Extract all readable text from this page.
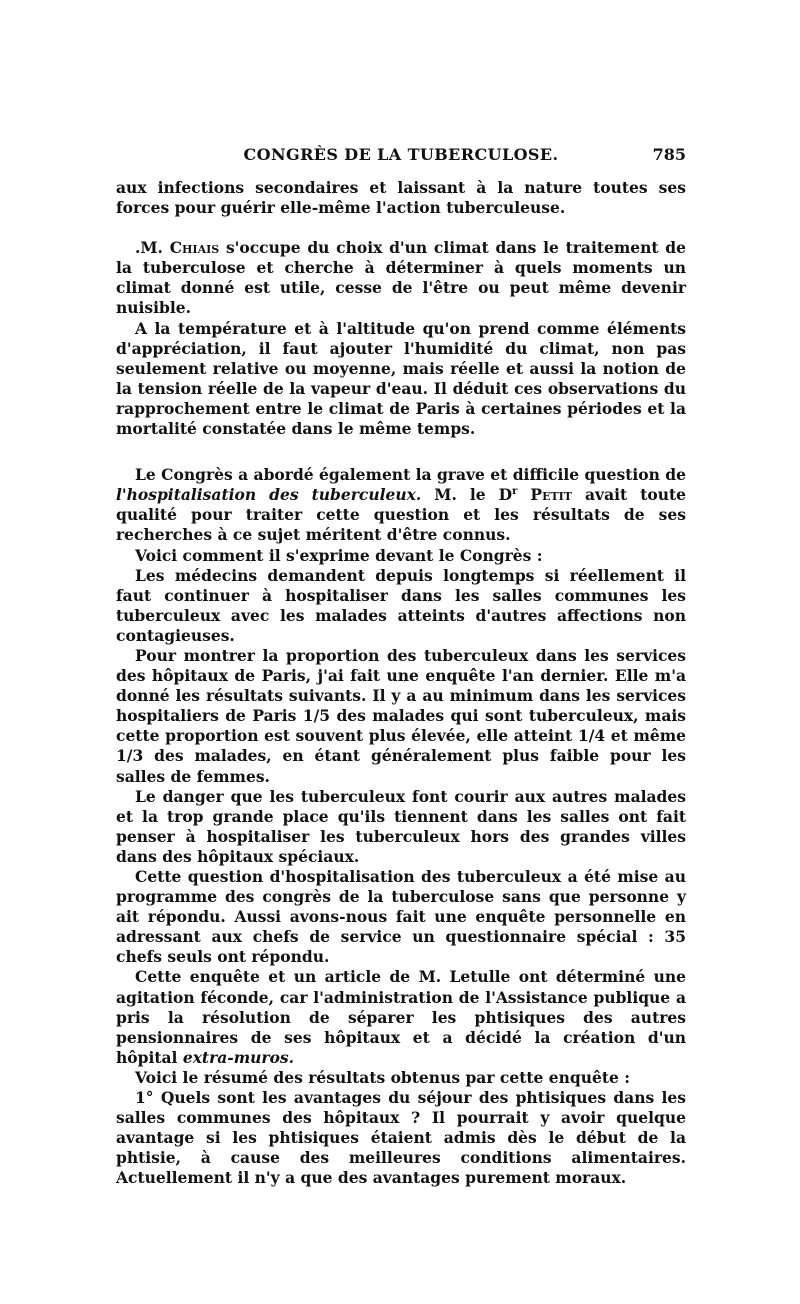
CONGRÈS DE LA TUBERCULOSE.	785

aux infections secondaires et laissant à la nature toutes ses forces pour guérir elle-même l'action tuberculeuse.

.M. Chiais s'occupe du choix d'un climat dans le traitement de la tuberculose et cherche à déterminer à quels moments un climat donné est utile, cesse de l'être ou peut même devenir nuisible.

A la température et à l'altitude qu'on prend comme éléments d'appréciation, il faut ajouter l'humidité du climat, non pas seulement relative ou moyenne, mais réelle et aussi la notion de la tension réelle de la vapeur d'eau. Il déduit ces observations du rapprochement entre le climat de Paris à certaines périodes et la mortalité constatée dans le même temps.

Le Congrès a abordé également la grave et difficile question de l'hospitalisation des tuberculeux. M. le $D^r$ Petit avait toute qualité pour traiter cette question et les résultats de ses recherches à ce sujet méritent d'être connus.

Voici comment il s'exprime devant le Congrès :

Les médecins demandent depuis longtemps si réellement il faut continuer à hospitaliser dans les salles communes les tuberculeux avec les malades atteints d'autres affections non contagieuses.

Pour montrer la proportion des tuberculeux dans les services des hôpitaux de Paris, j'ai fait une enquête l'an dernier. Elle m'a donné les résultats suivants. Il y a au minimum dans les services hospitaliers de Paris 1/5 des malades qui sont tuberculeux, mais cette proportion est souvent plus élevée, elle atteint 1/4 et même 1/3 des malades, en étant généralement plus faible pour les salles de femmes.

Le danger que les tuberculeux font courir aux autres malades et la trop grande place qu'ils tiennent dans les salles ont fait penser à hospitaliser les tuberculeux hors des grandes villes dans des hôpitaux spéciaux.

Cette question d'hospitalisation des tuberculeux a été mise au programme des congrès de la tuberculose sans que personne y ait répondu. Aussi avons-nous fait une enquête personnelle en adressant aux chefs de service un questionnaire spécial : 35 chefs seuls ont répondu.

Cette enquête et un article de M. Letulle ont déterminé une agitation féconde, car l'administration de l'Assistance publique a pris la résolution de séparer les phtisiques des autres pensionnaires de ses hôpitaux et a décidé la création d'un hôpital extra-muros.

Voici le résumé des résultats obtenus par cette enquête :

1° Quels sont les avantages du séjour des phtisiques dans les salles communes des hôpitaux ? Il pourrait y avoir quelque avantage si les phtisiques étaient admis dès le début de la phtisie, à cause des meilleures conditions alimentaires. Actuellement il n'y a que des avantages purement moraux.
